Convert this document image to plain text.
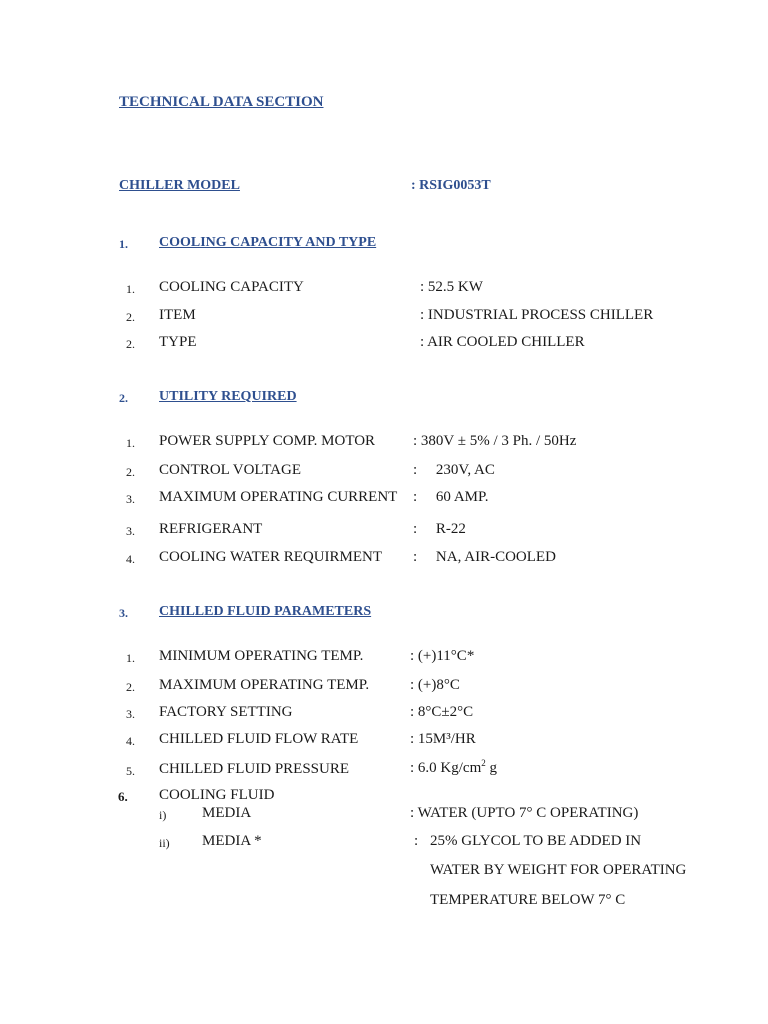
TECHNICAL DATA SECTION
CHILLER MODEL	: RSIG0053T
1. COOLING CAPACITY AND TYPE
1. COOLING CAPACITY	: 52.5 KW
2. ITEM	: INDUSTRIAL PROCESS CHILLER
2. TYPE	: AIR COOLED CHILLER
2. UTILITY REQUIRED
1. POWER SUPPLY COMP. MOTOR	: 380V ± 5% / 3 Ph. / 50Hz
2. CONTROL VOLTAGE	:     230V, AC
3. MAXIMUM OPERATING CURRENT :     60 AMP.
3. REFRIGERANT	:     R-22
4. COOLING WATER REQUIRMENT :     NA, AIR-COOLED
3. CHILLED FLUID PARAMETERS
1. MINIMUM OPERATING TEMP.	: (+)11°C*
2. MAXIMUM OPERATING TEMP.	: (+)8°C
3. FACTORY SETTING	: 8°C±2°C
4. CHILLED FLUID FLOW RATE	: 15M³/HR
5. CHILLED FLUID PRESSURE	: 6.0 $Kg/cm^2$ g
6. COOLING FLUID
i) MEDIA	: WATER (UPTO 7° C OPERATING)
ii) MEDIA *	: 25% GLYCOL TO BE ADDED IN
WATER BY WEIGHT FOR OPERATING
TEMPERATURE BELOW 7° C
